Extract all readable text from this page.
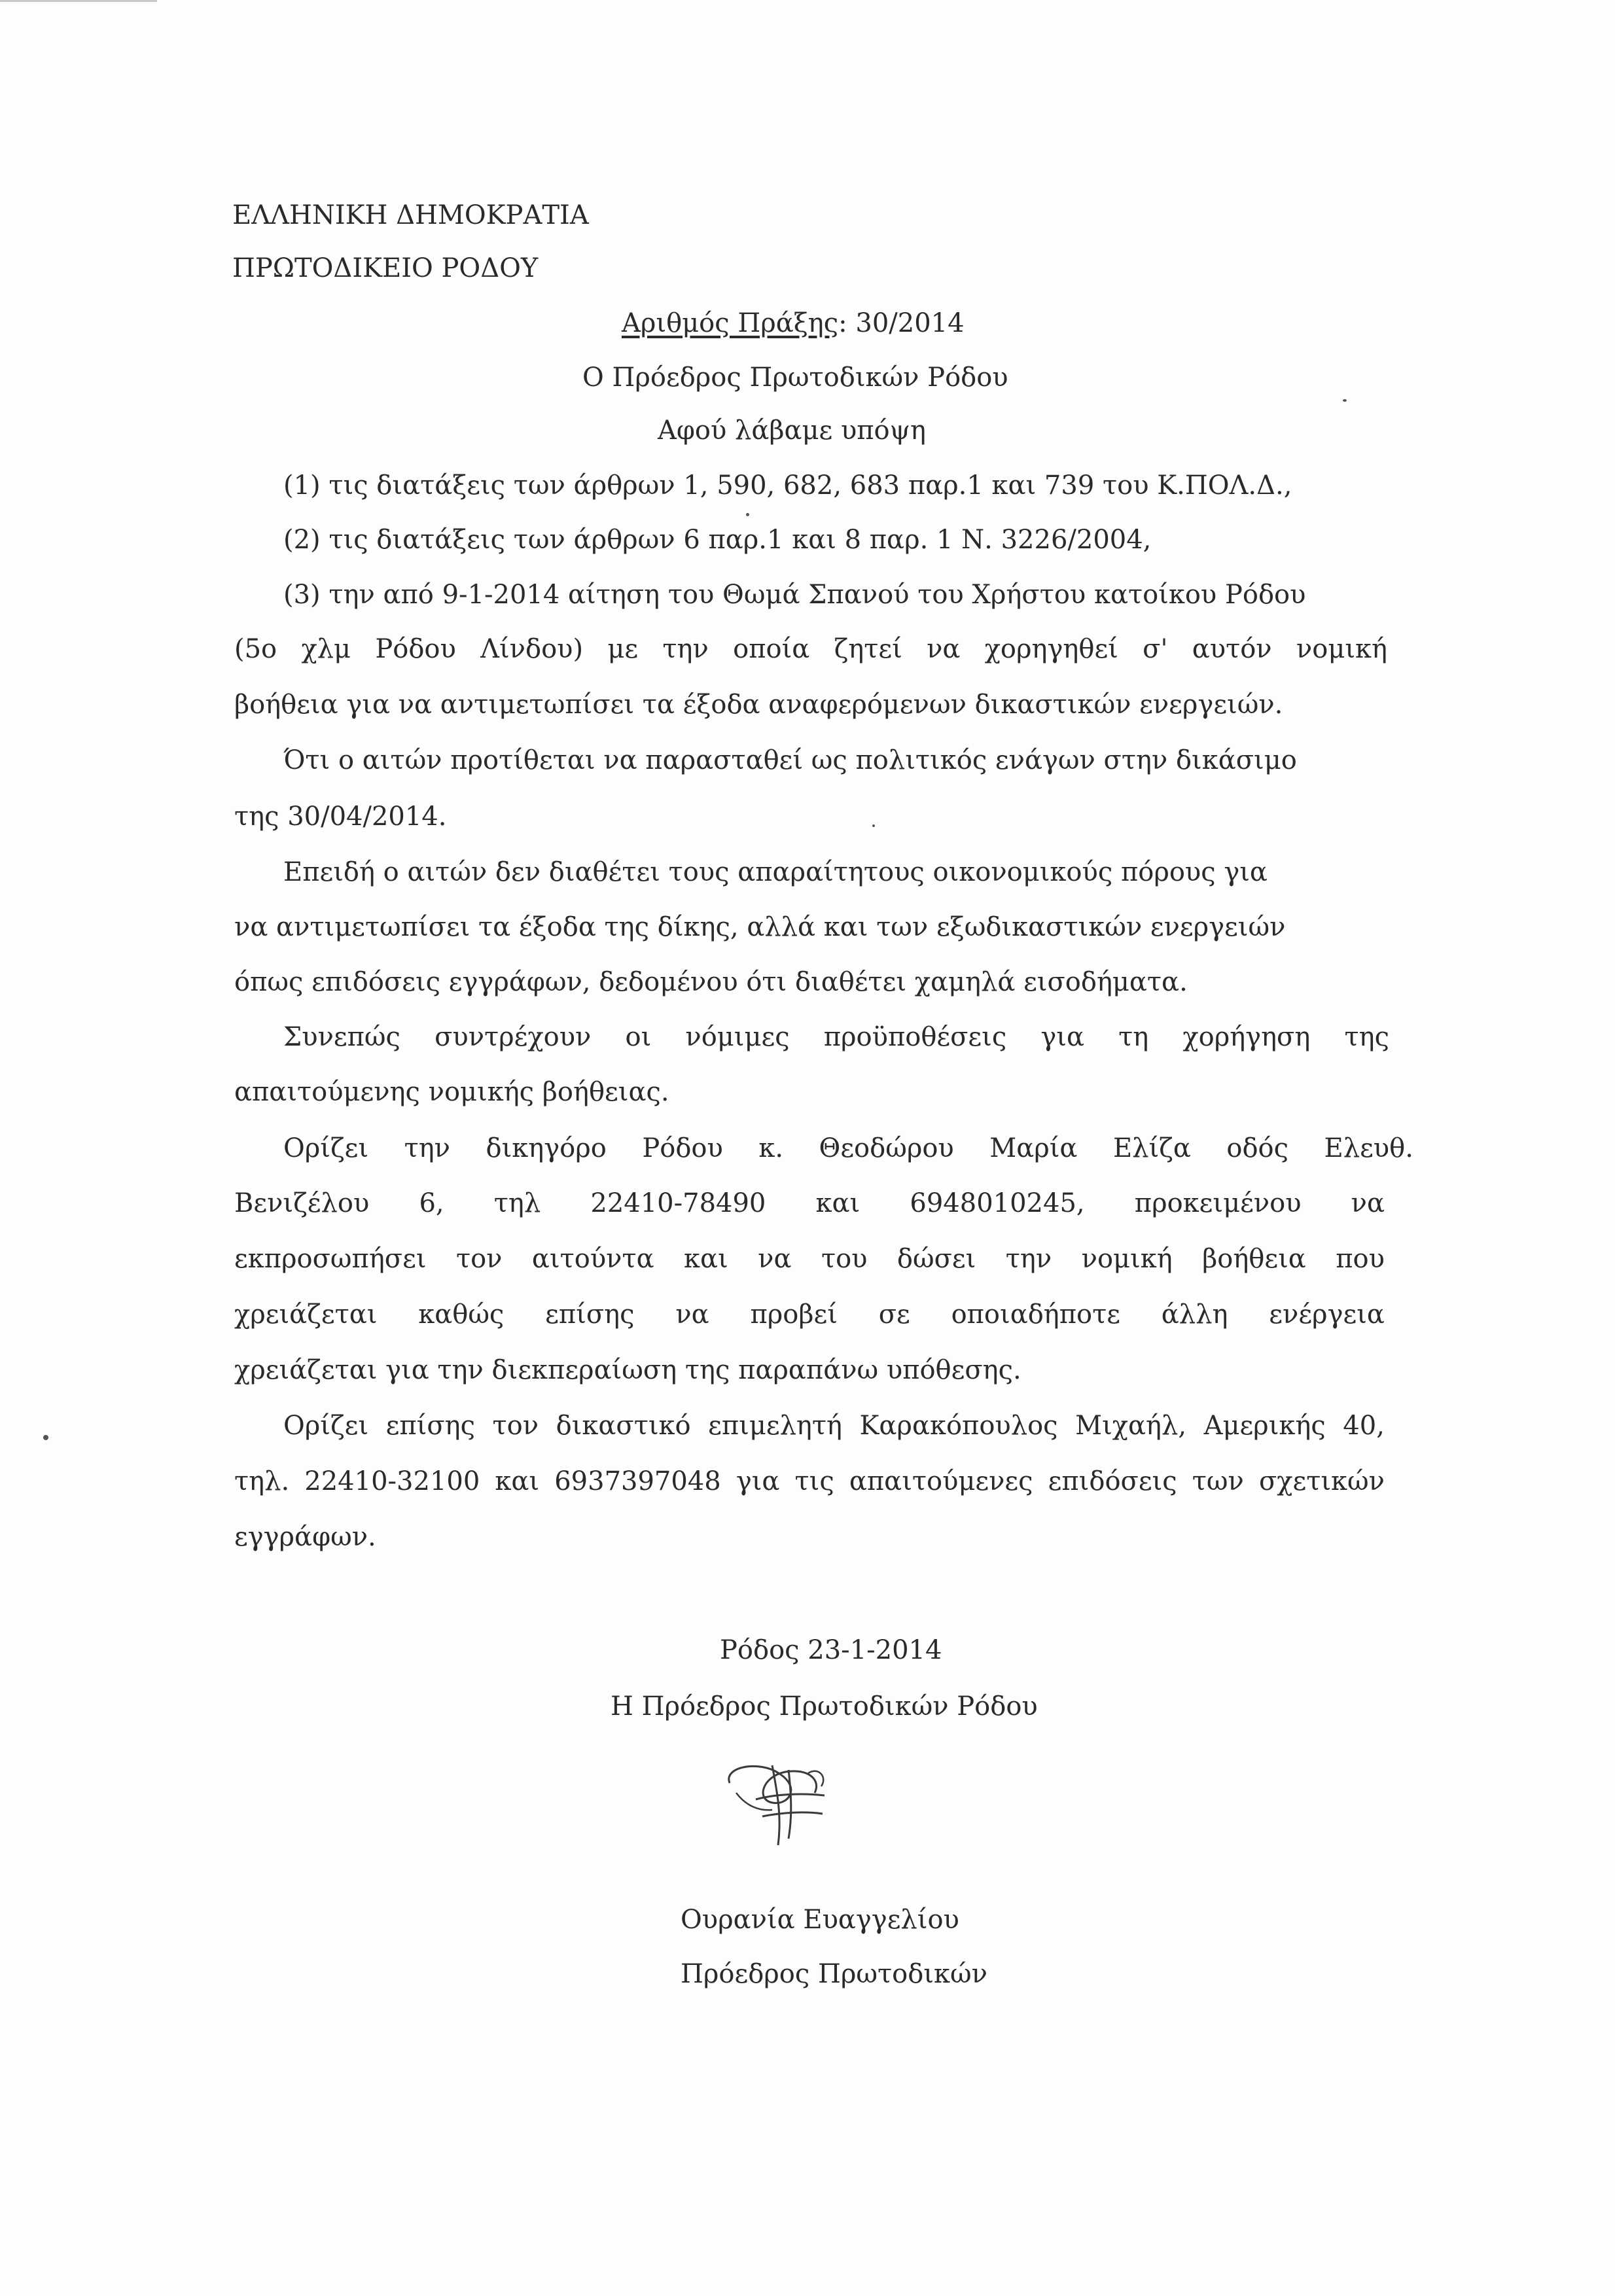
ΕΛΛΗΝΙΚΗ ΔΗΜΟΚΡΑΤΙΑ
ΠΡΩΤΟΔΙΚΕΙΟ ΡΟΔΟΥ
Αριθμός Πράξης: 30/2014
Ο Πρόεδρος Πρωτοδικών Ρόδου
Αφού λάβαμε υπόψη
(1) τις διατάξεις των άρθρων 1, 590, 682, 683 παρ.1 και 739 του Κ.ΠΟΛ.Δ.,
(2) τις διατάξεις των άρθρων 6 παρ.1 και 8 παρ. 1 Ν. 3226/2004,
(3) την από 9-1-2014 αίτηση του Θωμά Σπανού του Χρήστου κατοίκου Ρόδου
(5ο χλμ Ρόδου Λίνδου) με την οποία ζητεί να χορηγηθεί σ' αυτόν νομική
βοήθεια για να αντιμετωπίσει τα έξοδα αναφερόμενων δικαστικών ενεργειών.
Ότι ο αιτών προτίθεται να παρασταθεί ως πολιτικός ενάγων στην δικάσιμο
της 30/04/2014.
Επειδή ο αιτών δεν διαθέτει τους απαραίτητους οικονομικούς πόρους για
να αντιμετωπίσει τα έξοδα της δίκης, αλλά και των εξωδικαστικών ενεργειών
όπως επιδόσεις εγγράφων, δεδομένου ότι διαθέτει χαμηλά εισοδήματα.
Συνεπώς συντρέχουν οι νόμιμες προϋποθέσεις για τη χορήγηση της
απαιτούμενης νομικής βοήθειας.
Ορίζει την δικηγόρο Ρόδου κ. Θεοδώρου Μαρία Ελίζα οδός Ελευθ.
Βενιζέλου 6, τηλ 22410-78490 και 6948010245, προκειμένου να
εκπροσωπήσει τον αιτούντα και να του δώσει την νομική βοήθεια που
χρειάζεται καθώς επίσης να προβεί σε οποιαδήποτε άλλη ενέργεια
χρειάζεται για την διεκπεραίωση της παραπάνω υπόθεσης.
Ορίζει επίσης τον δικαστικό επιμελητή Καρακόπουλος Μιχαήλ, Αμερικής 40,
τηλ. 22410-32100 και 6937397048 για τις απαιτούμενες επιδόσεις των σχετικών
εγγράφων.
Ρόδος 23-1-2014
Η Πρόεδρος Πρωτοδικών Ρόδου
Ουρανία Ευαγγελίου
Πρόεδρος Πρωτοδικών
